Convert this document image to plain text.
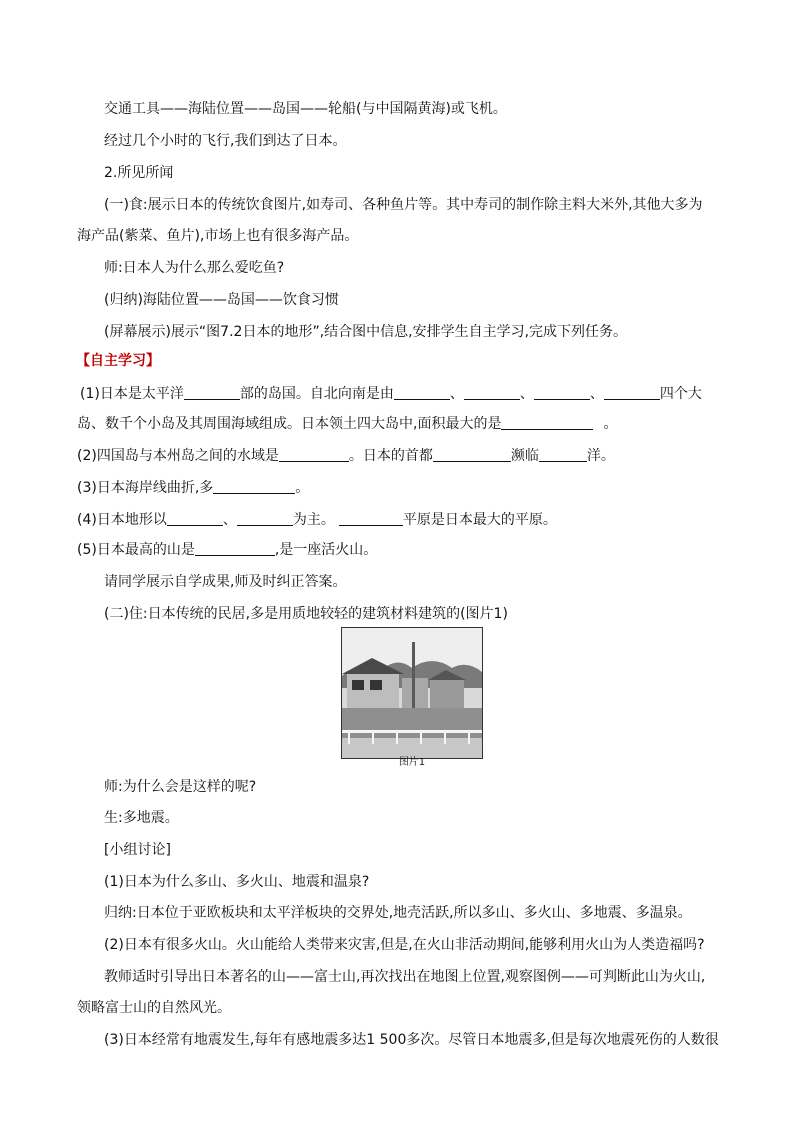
交通工具——海陆位置——岛国——轮船(与中国隔黄海)或飞机。

经过几个小时的飞行,我们到达了日本。

2.所见所闻

(一)食:展示日本的传统饮食图片,如寿司、各种鱼片等。其中寿司的制作除主料大米外,其他大多为

海产品(紫菜、鱼片),市场上也有很多海产品。

师:日本人为什么那么爱吃鱼?

(归纳)海陆位置——岛国——饮食习惯

(屏幕展示)展示“图7.2日本的地形”,结合图中信息,安排学生自主学习,完成下列任务。

【自主学习】

(1)日本是太平洋	部的岛国。自北向南是由	、	、	、	四个大

岛、数千个小岛及其周围海域组成。日本领土四大岛中,面积最大的是	。

(2)四国岛与本州岛之间的水域是	。日本的首都	濒临	洋。

(3)日本海岸线曲折,多	。

(4)日本地形以	、	为主。	平原是日本最大的平原。

(5)日本最高的山是	,是一座活火山。

请同学展示自学成果,师及时纠正答案。

(二)住:日本传统的民居,多是用质地较轻的建筑材料建筑的(图片1)

图片1

师:为什么会是这样的呢?

生:多地震。

[小组讨论]

(1)日本为什么多山、多火山、地震和温泉?

归纳:日本位于亚欧板块和太平洋板块的交界处,地壳活跃,所以多山、多火山、多地震、多温泉。

(2)日本有很多火山。火山能给人类带来灾害,但是,在火山非活动期间,能够利用火山为人类造福吗?

教师适时引导出日本著名的山——富士山,再次找出在地图上位置,观察图例——可判断此山为火山,

领略富士山的自然风光。

(3)日本经常有地震发生,每年有感地震多达1 500多次。尽管日本地震多,但是每次地震死伤的人数很
